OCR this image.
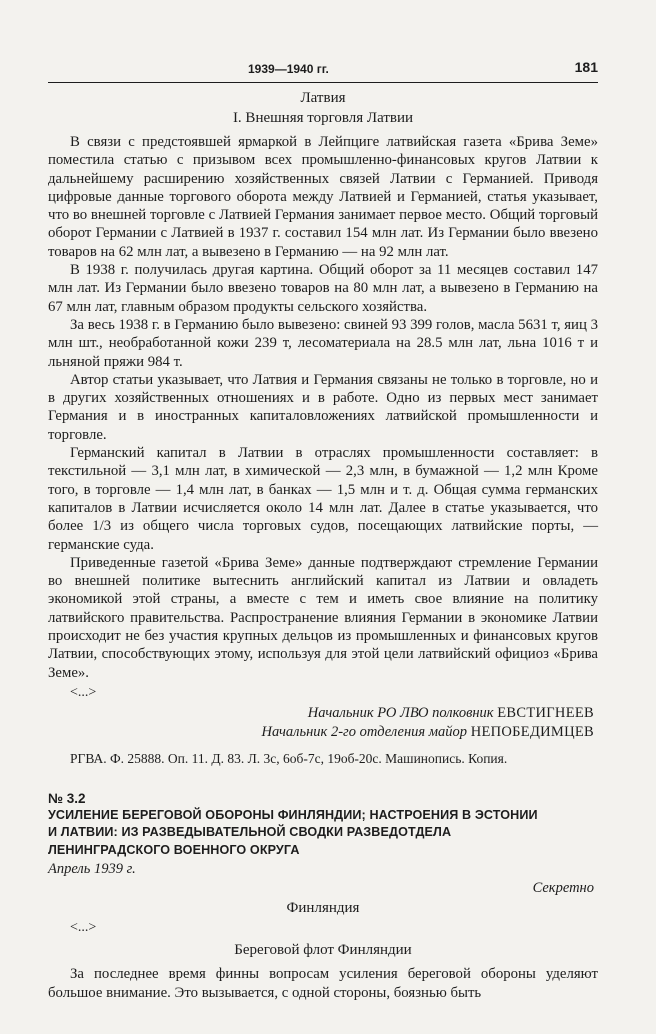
1939—1940 гг.	181
Латвия
I. Внешняя торговля Латвии

В связи с предстоявшей ярмаркой в Лейпциге латвийская газета «Брива Земе» поместила статью с призывом всех промышленно-финансовых кругов Латвии к дальнейшему расширению хозяйственных связей Латвии с Германией. Приводя цифровые данные торгового оборота между Латвией и Германией, статья указывает, что во внешней торговле с Латвией Германия занимает первое место. Общий торговый оборот Германии с Латвией в 1937 г. составил 154 млн лат. Из Германии было ввезено товаров на 62 млн лат, а вывезено в Германию — на 92 млн лат.

В 1938 г. получилась другая картина. Общий оборот за 11 месяцев составил 147 млн лат. Из Германии было ввезено товаров на 80 млн лат, а вывезено в Германию на 67 млн лат, главным образом продукты сельского хозяйства.

За весь 1938 г. в Германию было вывезено: свиней 93 399 голов, масла 5631 т, яиц 3 млн шт., необработанной кожи 239 т, лесоматериала на 28.5 млн лат, льна 1016 т и льняной пряжи 984 т.

Автор статьи указывает, что Латвия и Германия связаны не только в торговле, но и в других хозяйственных отношениях и в работе. Одно из первых мест занимает Германия и в иностранных капиталовложениях латвийской промышленности и торговле.

Германский капитал в Латвии в отраслях промышленности составляет: в текстильной — 3,1 млн лат, в химической — 2,3 млн, в бумажной — 1,2 млн Кроме того, в торговле — 1,4 млн лат, в банках — 1,5 млн и т. д. Общая сумма германских капиталов в Латвии исчисляется около 14 млн лат. Далее в статье указывается, что более 1/3 из общего числа торговых судов, посещающих латвийские порты, — германские суда.

Приведенные газетой «Брива Земе» данные подтверждают стремление Германии во внешней политике вытеснить английский капитал из Латвии и овладеть экономикой этой страны, а вместе с тем и иметь свое влияние на политику латвийского правительства. Распространение влияния Германии в экономике Латвии происходит не без участия крупных дельцов из промышленных и финансовых кругов Латвии, способствующих этому, используя для этой цели латвийский официоз «Брива Земе».

<...>
Начальник РО ЛВО полковник ЕВСТИГНЕЕВ
Начальник 2-го отделения майор НЕПОБЕДИМЦЕВ
РГВА. Ф. 25888. Оп. 11. Д. 83. Л. 3с, 6об-7с, 19об-20с. Машинопись. Копия.
№ 3.2
УСИЛЕНИЕ БЕРЕГОВОЙ ОБОРОНЫ ФИНЛЯНДИИ; НАСТРОЕНИЯ В ЭСТОНИИ
И ЛАТВИИ: ИЗ РАЗВЕДЫВАТЕЛЬНОЙ СВОДКИ РАЗВЕДОТДЕЛА
ЛЕНИНГРАДСКОГО ВОЕННОГО ОКРУГА
Апрель 1939 г.
Секретно
Финляндия
<...>
Береговой флот Финляндии

За последнее время финны вопросам усиления береговой обороны уделяют большое внимание. Это вызывается, с одной стороны, боязнью быть
